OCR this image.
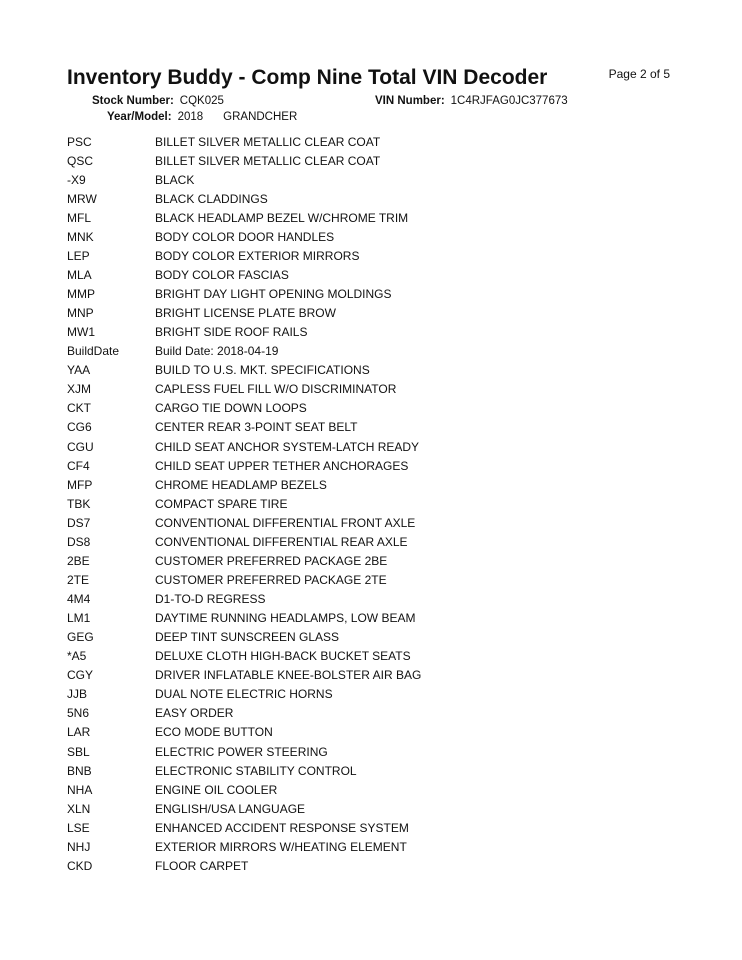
Inventory Buddy - Comp Nine Total VIN Decoder	Page 2 of 5
Stock Number: CQK025	VIN Number: 1C4RJFAG0JC377673
Year/Model: 2018 GRANDCHER
PSC	BILLET SILVER METALLIC CLEAR COAT
QSC	BILLET SILVER METALLIC CLEAR COAT
-X9	BLACK
MRW	BLACK CLADDINGS
MFL	BLACK HEADLAMP BEZEL W/CHROME TRIM
MNK	BODY COLOR DOOR HANDLES
LEP	BODY COLOR EXTERIOR MIRRORS
MLA	BODY COLOR FASCIAS
MMP	BRIGHT DAY LIGHT OPENING MOLDINGS
MNP	BRIGHT LICENSE PLATE BROW
MW1	BRIGHT SIDE ROOF RAILS
BuildDate	Build Date: 2018-04-19
YAA	BUILD TO U.S. MKT. SPECIFICATIONS
XJM	CAPLESS FUEL FILL W/O DISCRIMINATOR
CKT	CARGO TIE DOWN LOOPS
CG6	CENTER REAR 3-POINT SEAT BELT
CGU	CHILD SEAT ANCHOR SYSTEM-LATCH READY
CF4	CHILD SEAT UPPER TETHER ANCHORAGES
MFP	CHROME HEADLAMP BEZELS
TBK	COMPACT SPARE TIRE
DS7	CONVENTIONAL DIFFERENTIAL FRONT AXLE
DS8	CONVENTIONAL DIFFERENTIAL REAR AXLE
2BE	CUSTOMER PREFERRED PACKAGE 2BE
2TE	CUSTOMER PREFERRED PACKAGE 2TE
4M4	D1-TO-D REGRESS
LM1	DAYTIME RUNNING HEADLAMPS, LOW BEAM
GEG	DEEP TINT SUNSCREEN GLASS
*A5	DELUXE CLOTH HIGH-BACK BUCKET SEATS
CGY	DRIVER INFLATABLE KNEE-BOLSTER AIR BAG
JJB	DUAL NOTE ELECTRIC HORNS
5N6	EASY ORDER
LAR	ECO MODE BUTTON
SBL	ELECTRIC POWER STEERING
BNB	ELECTRONIC STABILITY CONTROL
NHA	ENGINE OIL COOLER
XLN	ENGLISH/USA LANGUAGE
LSE	ENHANCED ACCIDENT RESPONSE SYSTEM
NHJ	EXTERIOR MIRRORS W/HEATING ELEMENT
CKD	FLOOR CARPET
